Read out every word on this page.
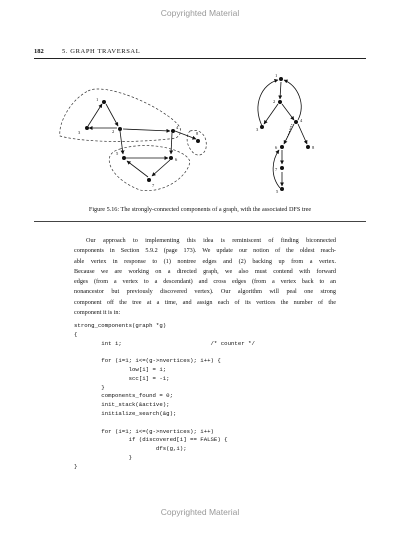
Copyrighted Material
182	5. GRAPH TRAVERSAL
1
2
3
4
5
6
7
8
1
2
3
4
5
6
7
8
Figure 5.16: The strongly-connected components of a graph, with the associated DFS tree
Our approach to implementing this idea is reminiscent of finding biconnected
components in Section 5.9.2 (page 173). We update our notion of the oldest reach-
able vertex in response to (1) nontree edges and (2) backing up from a vertex.
Because we are working on a directed graph, we also must contend with forward
edges (from a vertex to a descendant) and cross edges (from a vertex back to an
nonancestor but previously discovered vertex). Our algorithm will peal one strong
component off the tree at a time, and assign each of its vertices the number of the
component it is in:
strong_components(graph *g)
{
int i;                          /* counter */
for (i=1; i<=(g->nvertices); i++) {
low[i] = i;
scc[i] = -1;
}
components_found = 0;
init_stack(&active);
initialize_search(&g);
for (i=1; i<=(g->nvertices); i++)
if (discovered[i] == FALSE) {
dfs(g,i);
}
}
Copyrighted Material
